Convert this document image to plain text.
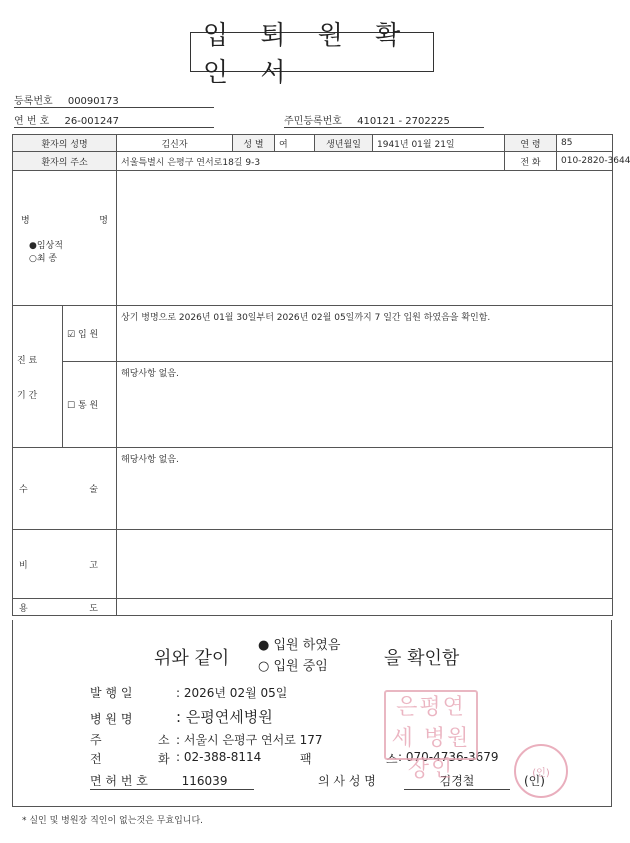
입 퇴 원 확 인 서
등록번호 00090173
연 번 호 26-001247	주민등록번호 410121 - 2702225
환자의 성명		김신자	성 별	여	생년월일	1941년 01월 21일	연 령	85
환자의 주소		서울특별시 은평구 연서로18길 9-3					전 화	010-2820-3644

병 명
●임상적
○최 종								

진 료
기 간	☑ 입 원	상기 병명으로 2026년 01월 30일부터 2026년 02월 05일까지 7 일간 입원 하였음을 확인함.						
	☐ 통 원	해당사항 없음.						

수 술		해당사항 없음.						

비 고								

용 도								

위와 같이
● 입원 하였음
○ 입원 중임	을 확인함
발 행 일	: 2026년 02월 05일
병 원 명	: 은평연세병원
주	소 : 서울시 은평구 연서로 177
전	화 : 02-388-8114	팩	스 : 070-4736-3679
면 허 번 호	116039	의 사 성 명	김경철	(인)
은평연세 병원장인	(인)
* 실인 및 병원장 직인이 없는것은 무효입니다.
